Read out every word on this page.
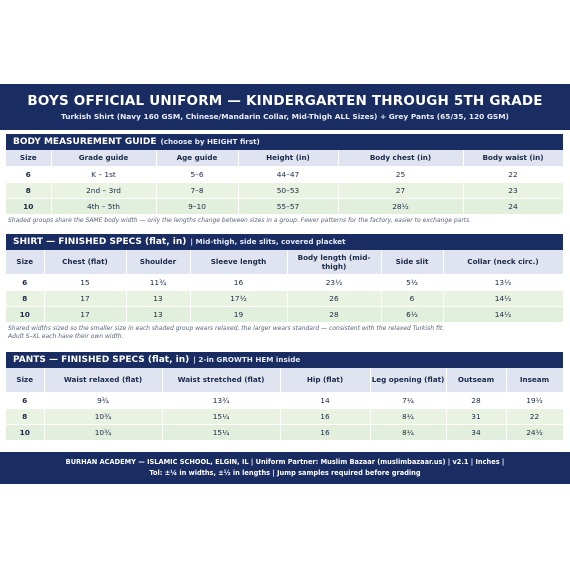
BOYS OFFICIAL UNIFORM — KINDERGARTEN THROUGH 5TH GRADE
Turkish Shirt (Navy 160 GSM, Chinese/Mandarin Collar, Mid-Thigh ALL Sizes) + Grey Pants (65/35, 120 GSM)
BODY MEASUREMENT GUIDE (choose by HEIGHT first)
Size	Grade guide	Age guide	Height (in)	Body chest (in)	Body waist (in)
6	K – 1st	5–6	44–47	25	22
8	2nd – 3rd	7–8	50–53	27	23
10	4th – 5th	9–10	55–57	28½	24
Shaded groups share the SAME body width — only the lengths change between sizes in a group. Fewer patterns for the factory, easier to exchange parts.
SHIRT — FINISHED SPECS (flat, in) | Mid-thigh, side slits, covered placket
Size	Chest (flat)	Shoulder	Sleeve length	Body length (mid-thigh)	Side slit	Collar (neck circ.)
6	15	11¾	16	23½	5½	13½
8	17	13	17½	26	6	14½
10	17	13	19	28	6½	14½
Shared widths sized so the smaller size in each shaded group wears relaxed, the larger wears standard — consistent with the relaxed Turkish fit.
Adult S–XL each have their own width.
PANTS — FINISHED SPECS (flat, in) | 2-in GROWTH HEM inside
Size	Waist relaxed (flat)	Waist stretched (flat)	Hip (flat)	Leg opening (flat)	Outseam	Inseam
6	9¾	13¾	14	7¼	28	19½
8	10¾	15¼	16	8¼	31	22
10	10¾	15¼	16	8¼	34	24½
BURHAN ACADEMY — ISLAMIC SCHOOL, ELGIN, IL | Uniform Partner: Muslim Bazaar (muslimbazaar.us) | v2.1 | Inches |
Tol: ±¼ in widths, ±½ in lengths | Jump samples required before grading
